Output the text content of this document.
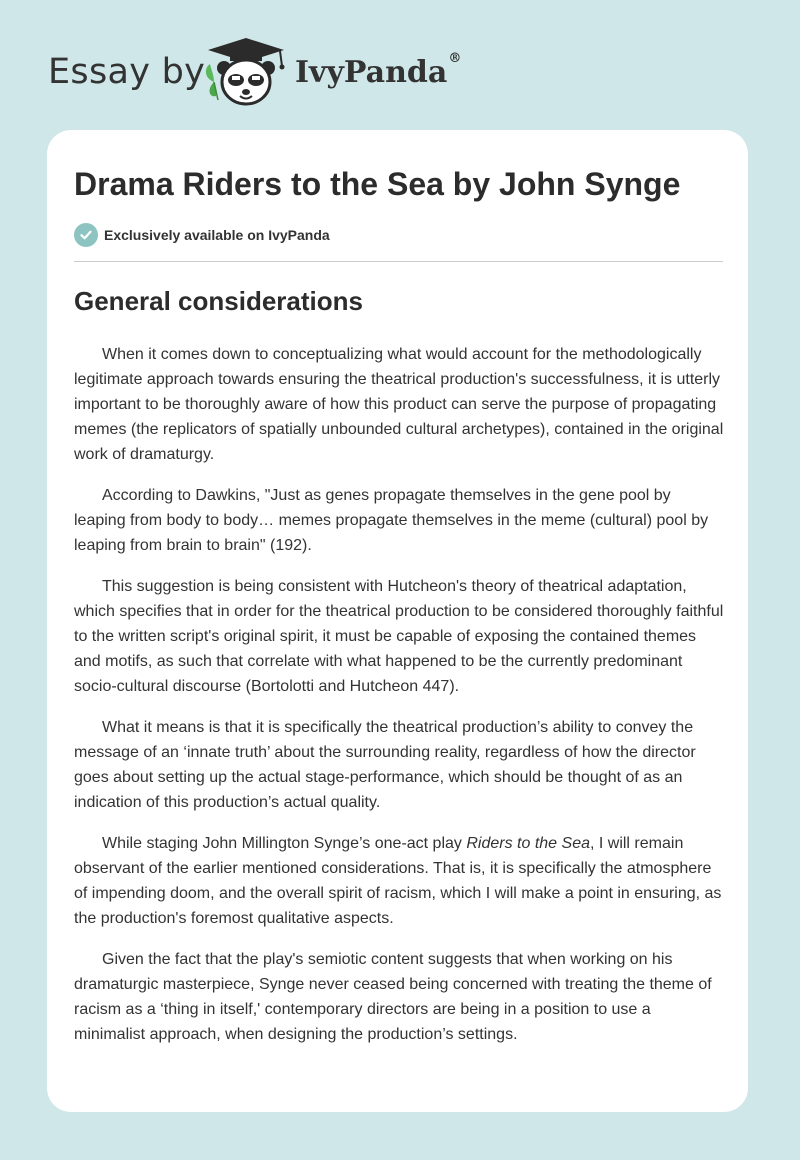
Essay by	IvyPanda®
Drama Riders to the Sea by John Synge
Exclusively available on IvyPanda
General considerations

When it comes down to conceptualizing what would account for the methodologically legitimate approach towards ensuring the theatrical production's successfulness, it is utterly important to be thoroughly aware of how this product can serve the purpose of propagating memes (the replicators of spatially unbounded cultural archetypes), contained in the original work of dramaturgy.

According to Dawkins, "Just as genes propagate themselves in the gene pool by leaping from body to body… memes propagate themselves in the meme (cultural) pool by leaping from brain to brain" (192).

This suggestion is being consistent with Hutcheon's theory of theatrical adaptation, which specifies that in order for the theatrical production to be considered thoroughly faithful to the written script's original spirit, it must be capable of exposing the contained themes and motifs, as such that correlate with what happened to be the currently predominant socio-cultural discourse (Bortolotti and Hutcheon 447).

What it means is that it is specifically the theatrical production’s ability to convey the message of an ‘innate truth’ about the surrounding reality, regardless of how the director goes about setting up the actual stage-performance, which should be thought of as an indication of this production’s actual quality.

While staging John Millington Synge’s one-act play Riders to the Sea, I will remain observant of the earlier mentioned considerations. That is, it is specifically the atmosphere of impending doom, and the overall spirit of racism, which I will make a point in ensuring, as the production's foremost qualitative aspects.

Given the fact that the play's semiotic content suggests that when working on his dramaturgic masterpiece, Synge never ceased being concerned with treating the theme of racism as a ‘thing in itself,' contemporary directors are being in a position to use a minimalist approach, when designing the production’s settings.
